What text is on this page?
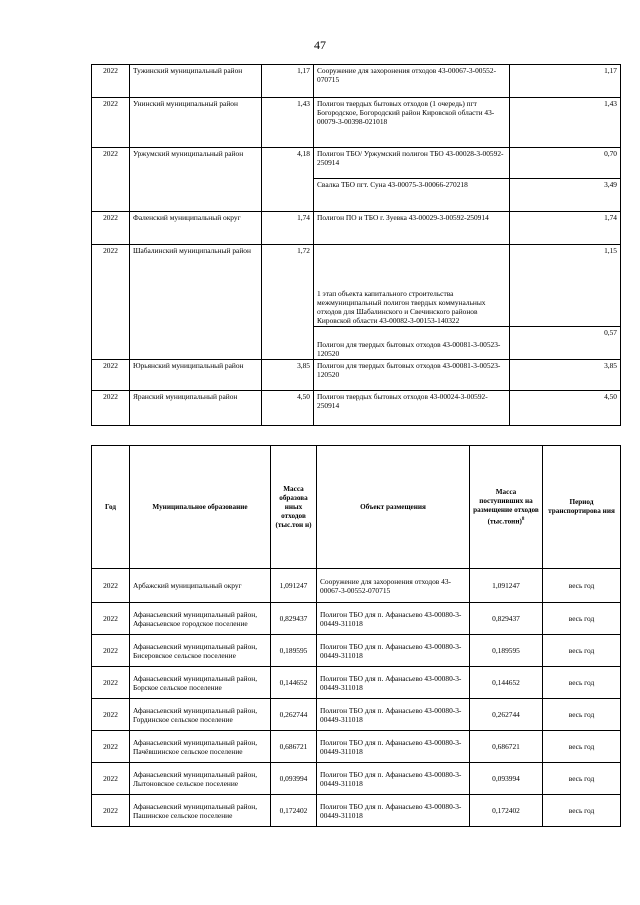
47
2022	Тужинский муниципальный район	1,17	Сооружение для захоронения отходов 43-00067-3-00552-070715	1,17
2022	Унинский муниципальный район	1,43	Полигон твердых бытовых отходов (1 очередь) пгт Богородское, Богородский район Кировской области 43-00079-3-00398-021018	1,43
2022	Уржумский муниципальный район	4,18	Полигон ТБО/ Уржумский полигон ТБО 43-00028-3-00592-250914	0,70
			Свалка ТБО пгт. Суна 43-00075-3-00066-270218	3,49
2022	Фаленский муниципальный округ	1,74	Полигон ПО и ТБО г. Зуевка 43-00029-3-00592-250914	1,74
2022	Шабалинский муниципальный район	1,72	1 этап объекта капитального строительства межмуниципальный полигон твердых коммунальных отходов для Шабалинского и Свечинского районов Кировской области 43-00082-3-00153-140322	1,15
			Полигон для твердых бытовых отходов 43-00081-3-00523-120520	0,57
2022	Юрьянский муниципальный район	3,85	Полигон для твердых бытовых отходов 43-00081-3-00523-120520	3,85
2022	Яранский муниципальный район	4,50	Полигон твердых бытовых отходов 43-00024-3-00592-250914	4,50
Год	Муниципальное образование	Масса образова нных отходов (тыс.тон н)	Объект размещения	Масса поступивших на размещение отходов (тыс.тонн)$^8$	Период транспортирова ния
2022	Арбажский муниципальный округ	1,091247	Сооружение для захоронения отходов 43-00067-3-00552-070715	1,091247	весь год
2022	Афанасьевский муниципальный район, Афанасьевское городское поселение	0,829437	Полигон ТБО для п. Афанасьево 43-00080-3-00449-311018	0,829437	весь год
2022	Афанасьевский муниципальный район, Бисеровское сельское поселение	0,189595	Полигон ТБО для п. Афанасьево 43-00080-3-00449-311018	0,189595	весь год
2022	Афанасьевский муниципальный район, Борское сельское поселение	0,144652	Полигон ТБО для п. Афанасьево 43-00080-3-00449-311018	0,144652	весь год
2022	Афанасьевский муниципальный район, Гординское сельское поселение	0,262744	Полигон ТБО для п. Афанасьево 43-00080-3-00449-311018	0,262744	весь год
2022	Афанасьевский муниципальный район, Пачёвшинское сельское поселение	0,686721	Полигон ТБО для п. Афанасьево 43-00080-3-00449-311018	0,686721	весь год
2022	Афанасьевский муниципальный район, Лытоновское сельское поселение	0,093994	Полигон ТБО для п. Афанасьево 43-00080-3-00449-311018	0,093994	весь год
2022	Афанасьевский муниципальный район, Пашинское сельское поселение	0,172402	Полигон ТБО для п. Афанасьево 43-00080-3-00449-311018	0,172402	весь год
